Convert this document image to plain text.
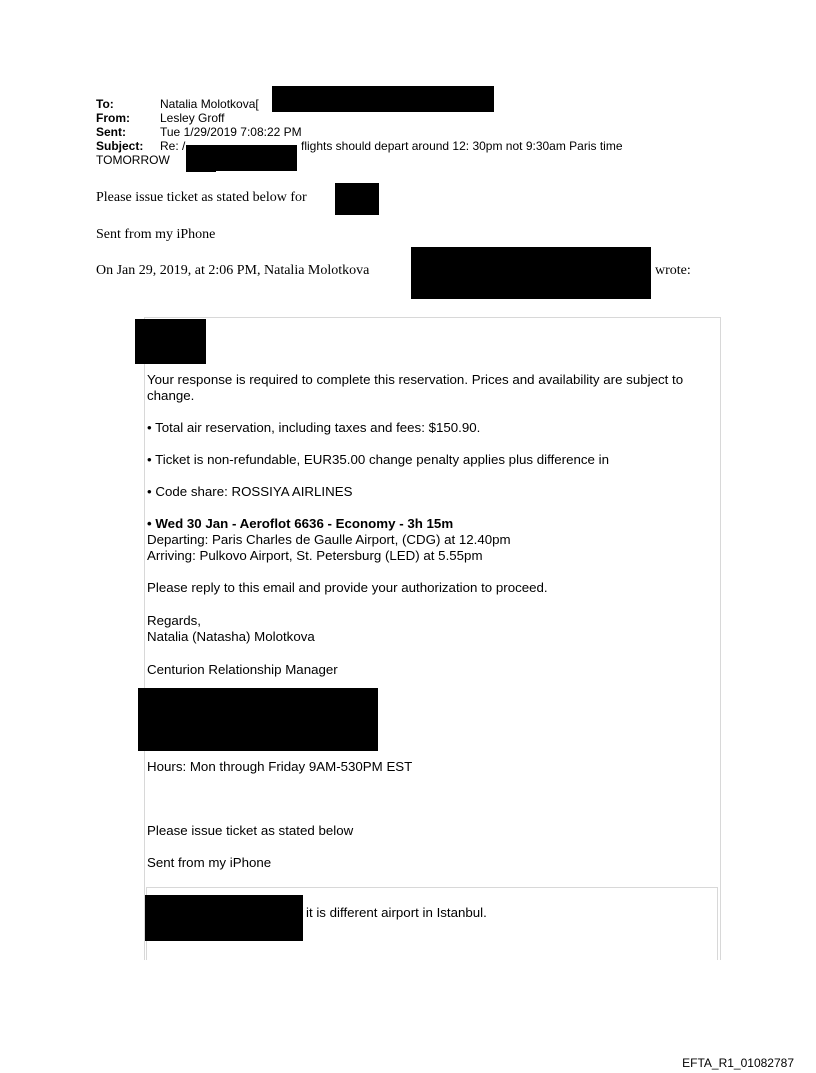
To:	Natalia Molotkova[
From:	Lesley Groff
Sent:	Tue 1/29/2019 7:08:22 PM
Subject: Re: /	flights should depart around 12: 30pm not 9:30am Paris time
TOMORROW
Please issue ticket as stated below for
Sent from my iPhone
On Jan 29, 2019, at 2:06 PM, Natalia Molotkova	wrote:
Your response is required to complete this reservation. Prices and availability are subject to
change.
• Total air reservation, including taxes and fees: $150.90.
• Ticket is non-refundable, EUR35.00 change penalty applies plus difference in
• Code share: ROSSIYA AIRLINES
• Wed 30 Jan - Aeroflot 6636 - Economy - 3h 15m
Departing: Paris Charles de Gaulle Airport, (CDG) at 12.40pm
Arriving: Pulkovo Airport, St. Petersburg (LED) at 5.55pm
Please reply to this email and provide your authorization to proceed.
Regards,
Natalia (Natasha) Molotkova
Centurion Relationship Manager
Hours: Mon through Friday 9AM-530PM EST
Please issue ticket as stated below
Sent from my iPhone
it is different airport in Istanbul.
EFTA_R1_01082787
